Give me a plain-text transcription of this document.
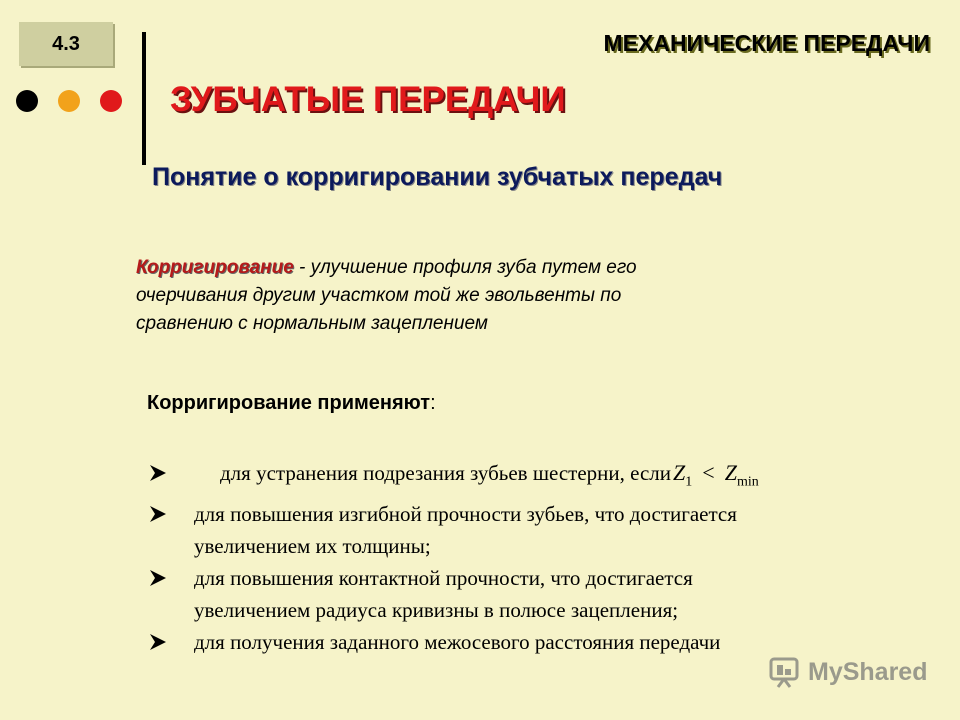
4.3	МЕХАНИЧЕСКИЕ ПЕРЕДАЧИ
ЗУБЧАТЫЕ ПЕРЕДАЧИ
Понятие о корригировании зубчатых передач
Корригирование - улучшение профиля зуба путем его
очерчивания другим участком той же эвольвенты по
сравнению с нормальным зацеплением
Корригирование применяют:
для устранения подрезания зубьев шестерни, еслиZ$_1$ < $Z_{min}$
для повышения изгибной прочности зубьев, что достигается
увеличением их толщины;
для повышения контактной прочности, что достигается
увеличением радиуса кривизны в полюсе зацепления;
для получения заданного межосевого расстояния передачи
MyShared
